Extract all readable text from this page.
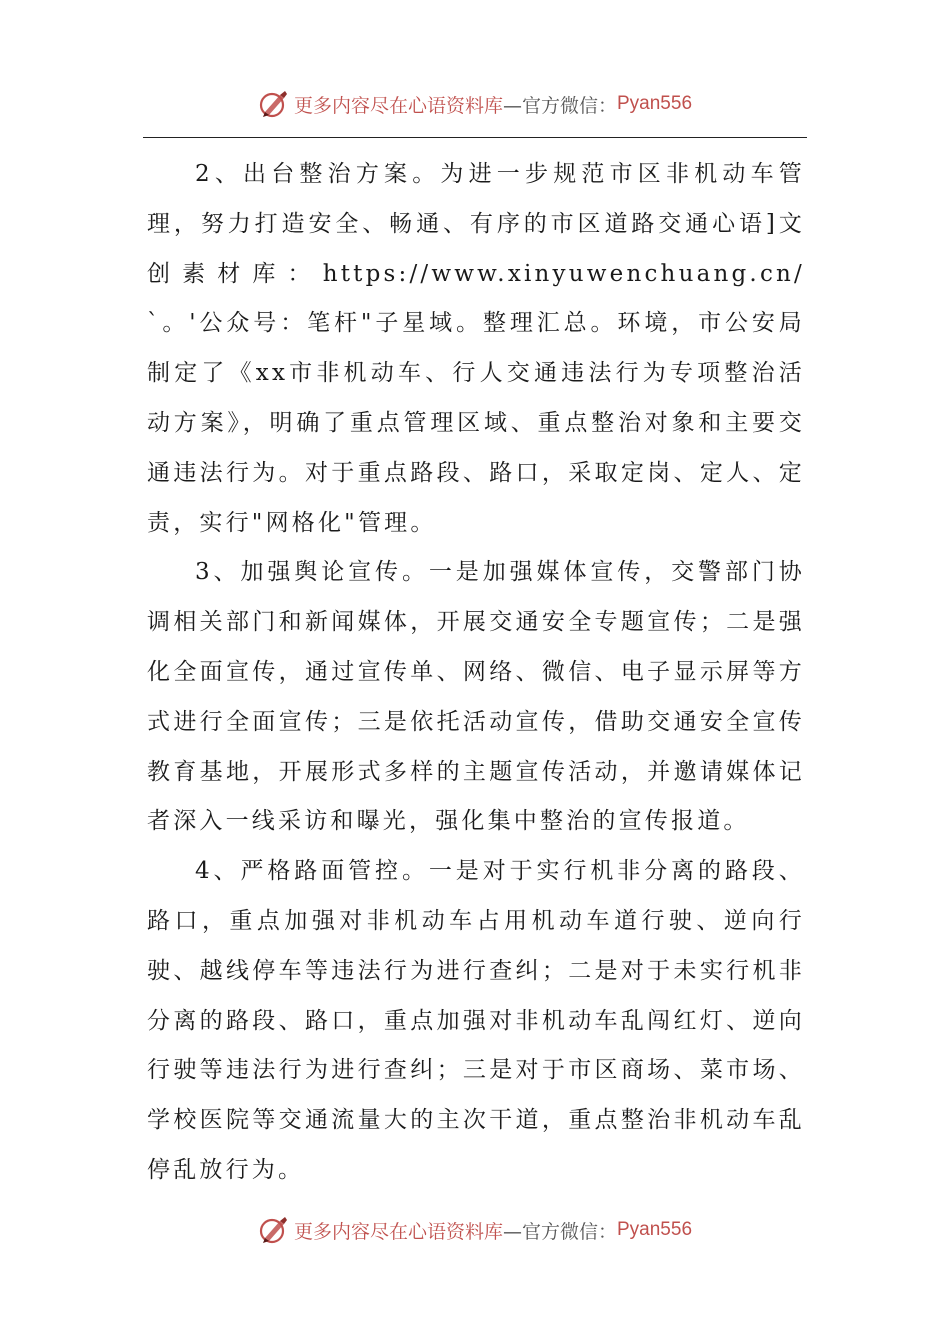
更多内容尽在心语资料库 —官方微信： Pyan556

2、出台整治方案。为进一步规范市区非机动车管理，努力打造安全、畅通、有序的市区道路交通心语]文创素材库：https://www.xinyuwenchuang.cn/`。'公众号：笔杆"子星域。整理汇总。环境，市公安局制定了《xx市非机动车、行人交通违法行为专项整治活动方案》，明确了重点管理区域、重点整治对象和主要交通违法行为。对于重点路段、路口，采取定岗、定人、定责，实行"网格化"管理。

3、加强舆论宣传。一是加强媒体宣传，交警部门协调相关部门和新闻媒体，开展交通安全专题宣传；二是强化全面宣传，通过宣传单、网络、微信、电子显示屏等方式进行全面宣传；三是依托活动宣传，借助交通安全宣传教育基地，开展形式多样的主题宣传活动，并邀请媒体记者深入一线采访和曝光，强化集中整治的宣传报道。

4、严格路面管控。一是对于实行机非分离的路段、路口，重点加强对非机动车占用机动车道行驶、逆向行驶、越线停车等违法行为进行查纠；二是对于未实行机非分离的路段、路口，重点加强对非机动车乱闯红灯、逆向行驶等违法行为进行查纠；三是对于市区商场、菜市场、学校医院等交通流量大的主次干道，重点整治非机动车乱停乱放行为。

更多内容尽在心语资料库 —官方微信： Pyan556
